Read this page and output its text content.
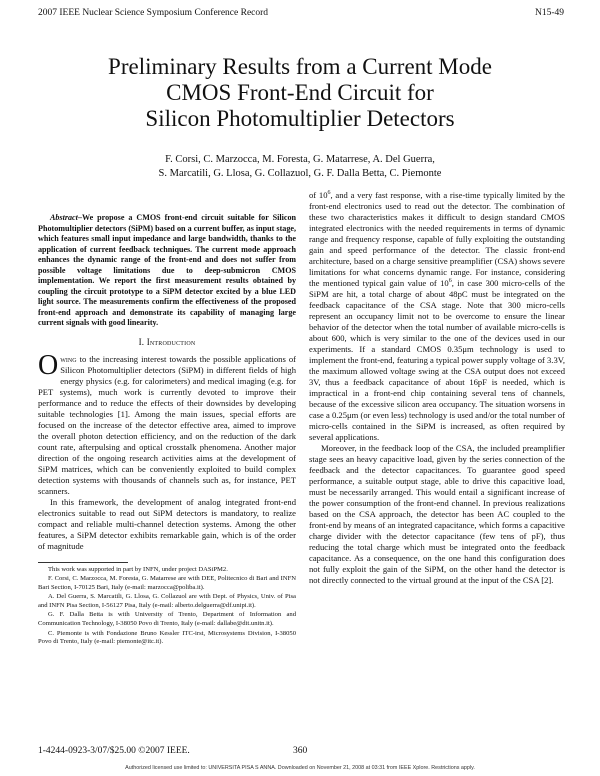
2007 IEEE Nuclear Science Symposium Conference Record	N15-49
Preliminary Results from a Current Mode
CMOS Front-End Circuit for
Silicon Photomultiplier Detectors
F. Corsi, C. Marzocca, M. Foresta, G. Matarrese, A. Del Guerra,
S. Marcatili, G. Llosa, G. Collazuol, G. F. Dalla Betta, C. Piemonte

Abstract–We propose a CMOS front-end circuit suitable for Silicon Photomultiplier detectors (SiPM) based on a current buffer, as input stage, which features small input impedance and large bandwidth, thanks to the application of current feedback techniques. The current mode approach enhances the dynamic range of the front-end and does not suffer from possible voltage limitations due to deep-submicron CMOS implementation. We report the first measurement results obtained by coupling the circuit prototype to a SiPM detector excited by a blue LED light source. The measurements confirm the effectiveness of the proposed front-end approach and demonstrate its capability of managing large current signals with good linearity.

I. Introduction

Owing to the increasing interest towards the possible applications of Silicon Photomultiplier detectors (SiPM) in different fields of high energy physics (e.g. for calorimeters) and medical imaging (e.g. for PET systems), much work is currently devoted to improve their performance and to reduce the effects of their downsides by developing suitable technologies [1]. Among the main issues, special efforts are focused on the increase of the detector effective area, aimed to improve the overall photon detection efficiency, and on the reduction of the dark count rate, afterpulsing and optical crosstalk phenomena. Another major direction of the ongoing research activities aims at the development of SiPM matrices, which can be conveniently exploited to build complex detection systems with thousands of channels such as, for instance, PET scanners.

In this framework, the development of analog integrated front-end electronics suitable to read out SiPM detectors is mandatory, to realize compact and reliable multi-channel detection systems. Among the other features, a SiPM detector exhibits remarkable gain, which is of the order of magnitude

This work was supported in part by INFN, under project DASiPM2.

F. Corsi, C. Marzocca, M. Foresta, G. Matarrese are with DEE, Politecnico di Bari and INFN Bari Section, I-70125 Bari, Italy (e-mail: marzocca@poliba.it).

A. Del Guerra, S. Marcatili, G. Llosa, G. Collazuol are with Dept. of Physics, Univ. of Pisa and INFN Pisa Section, I-56127 Pisa, Italy (e-mail: alberto.delguerra@df.unipi.it).

G. F. Dalla Betta is with University of Trento, Department of Information and Communication Technology, I-38050 Povo di Trento, Italy (e-mail: dallabe@dit.unitn.it).

C. Piemonte is with Fondazione Bruno Kessler ITC-irst, Microsystems Division, I-38050 Povo di Trento, Italy (e-mail: piemonte@itc.it).

of $10^6$, and a very fast response, with a rise-time typically limited by the front-end electronics used to read out the detector. The combination of these two characteristics makes it difficult to design standard CMOS integrated electronics with the needed requirements in terms of dynamic range and frequency response, capable of fully exploiting the outstanding gain and speed performance of the detector. The classic front-end architecture, based on a charge sensitive preamplifier (CSA) shows severe limitations for what concerns dynamic range. For instance, considering the mentioned typical gain value of $10^6$, in case 300 micro-cells of the SiPM are hit, a total charge of about 48pC must be integrated on the feedback capacitance of the CSA stage. Note that 300 micro-cells represent an occupancy limit not to be overcome to ensure the linear behavior of the detector when the total number of available micro-cells is about 600, which is very similar to the one of the devices used in our experiments. If a standard CMOS 0.35μm technology is used to implement the front-end, featuring a typical power supply voltage of 3.3V, the maximum allowed voltage swing at the CSA output does not exceed 3V, thus a feedback capacitance of about 16pF is needed, which is impractical in a front-end chip containing several tens of channels, because of the excessive silicon area occupancy. The situation worsens in case a 0.25μm (or even less) technology is used and/or the total number of micro-cells contained in the SiPM is increased, as often required by several applications.

Moreover, in the feedback loop of the CSA, the included preamplifier stage sees an heavy capacitive load, given by the series connection of the feedback and the detector capacitances. To guarantee good speed performance, a suitable output stage, able to drive this capacitive load, must be necessarily arranged. This would entail a significant increase of the power consumption of the front-end channel. In previous realizations based on the CSA approach, the detector has been AC coupled to the front-end by means of an integrated capacitance, which forms a capacitive charge divider with the detector capacitance (few tens of pF), thus reducing the total charge which must be integrated onto the feedback capacitance. As a consequence, on the one hand this configuration does not fully exploit the gain of the SiPM, on the other hand the detector is not directly connected to the virtual ground at the input of the CSA [2].

1-4244-0923-3/07/$25.00 ©2007 IEEE.	360
Authorized licensed use limited to: UNIVERSITA PISA S ANNA. Downloaded on November 21, 2008 at 03:31 from IEEE Xplore. Restrictions apply.
